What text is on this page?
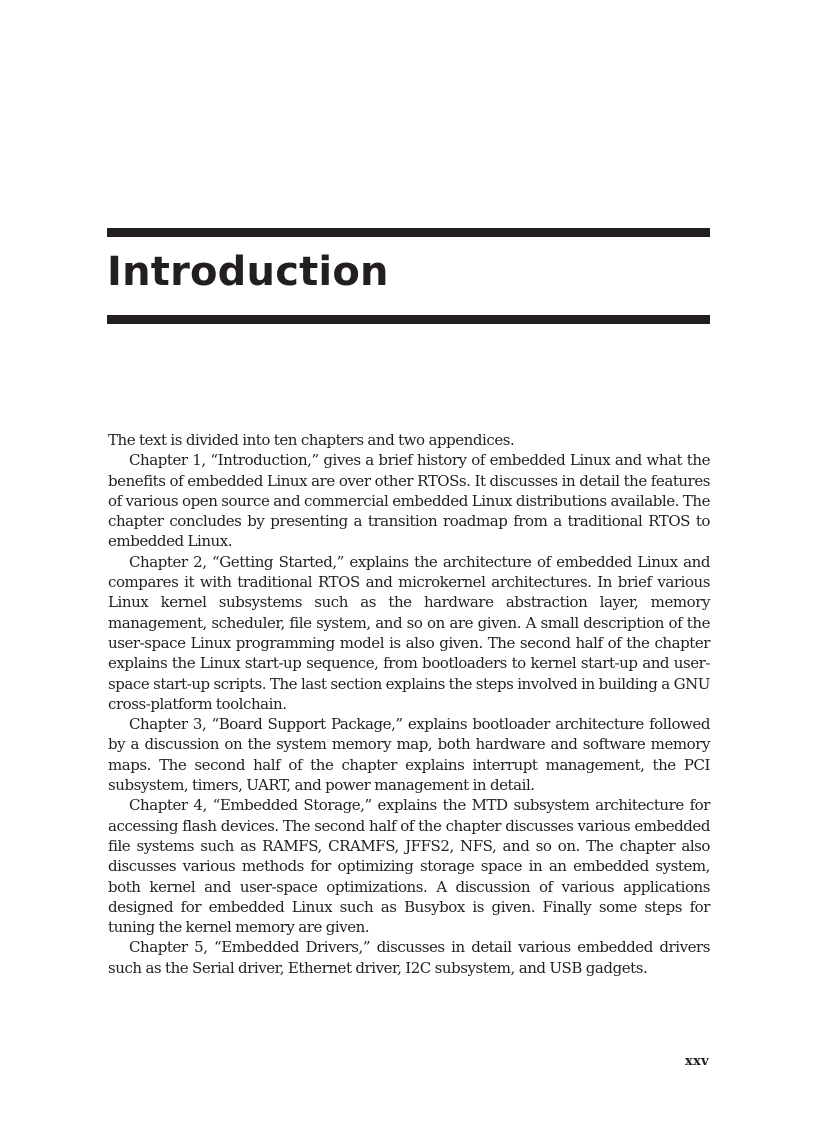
Introduction

The text is divided into ten chapters and two appendices.

Chapter 1, “Introduction,” gives a brief history of embedded Linux and what the benefits of embedded Linux are over other RTOSs. It discusses in detail the features of various open source and commercial embedded Linux distributions available. The chapter concludes by presenting a transition roadmap from a traditional RTOS to embedded Linux.

Chapter 2, “Getting Started,” explains the architecture of embedded Linux and compares it with traditional RTOS and microkernel architectures. In brief various Linux kernel subsystems such as the hardware abstraction layer, memory management, scheduler, file system, and so on are given. A small description of the user-space Linux programming model is also given. The second half of the chapter explains the Linux start-up sequence, from bootloaders to kernel start-up and user-space start-up scripts. The last section explains the steps involved in building a GNU cross-platform toolchain.

Chapter 3, “Board Support Package,” explains bootloader architecture followed by a discussion on the system memory map, both hardware and software memory maps. The second half of the chapter explains interrupt management, the PCI subsystem, timers, UART, and power management in detail.

Chapter 4, “Embedded Storage,” explains the MTD subsystem architecture for accessing flash devices. The second half of the chapter discusses various embedded file systems such as RAMFS, CRAMFS, JFFS2, NFS, and so on. The chapter also discusses various methods for optimizing storage space in an embedded system, both kernel and user-space optimizations. A discussion of various applications designed for embedded Linux such as Busybox is given. Finally some steps for tuning the kernel memory are given.

Chapter 5, “Embedded Drivers,” discusses in detail various embedded drivers such as the Serial driver, Ethernet driver, I2C subsystem, and USB gadgets.

xxv
